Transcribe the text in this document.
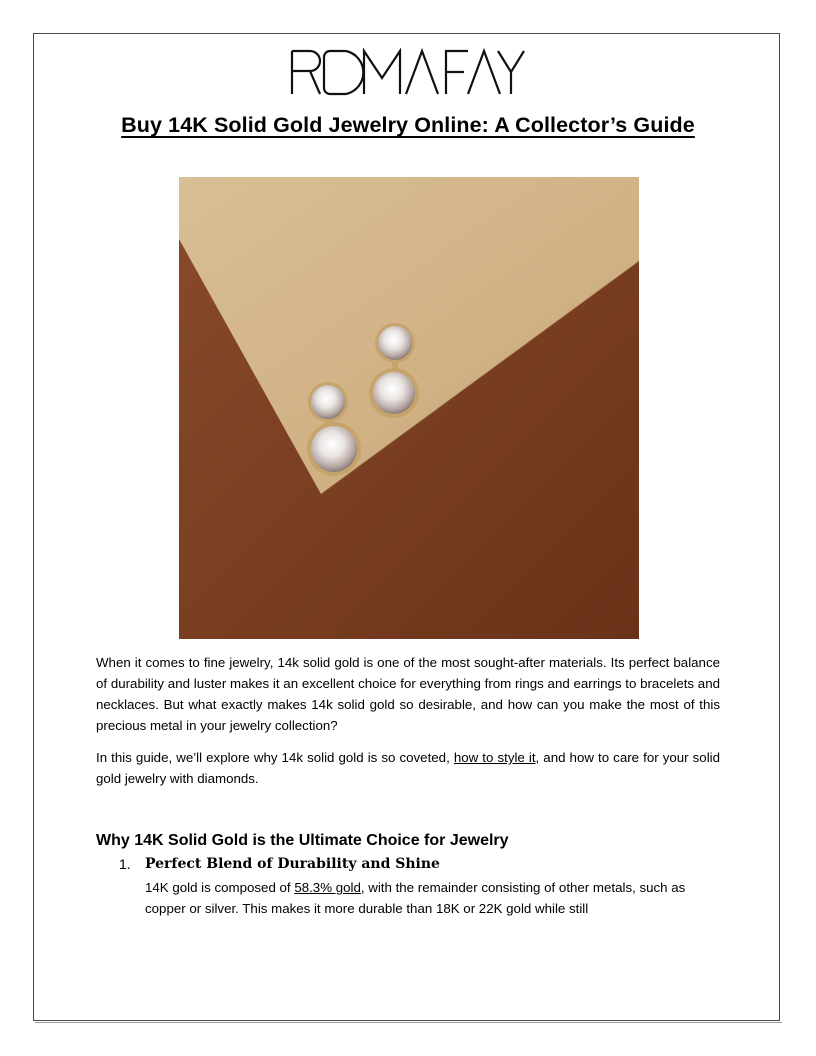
Buy 14K Solid Gold Jewelry Online: A Collector’s Guide

When it comes to fine jewelry, 14k solid gold is one of the most sought-after materials. Its perfect balance of durability and luster makes it an excellent choice for everything from rings and earrings to bracelets and necklaces. But what exactly makes 14k solid gold so desirable, and how can you make the most of this precious metal in your jewelry collection?

In this guide, we’ll explore why 14k solid gold is so coveted, how to style it, and how to care for your solid gold jewelry with diamonds.

Why 14K Solid Gold is the Ultimate Choice for Jewelry
1. Perfect Blend of Durability and Shine

14K gold is composed of 58.3% gold, with the remainder consisting of other metals, such as copper or silver. This makes it more durable than 18K or 22K gold while still
